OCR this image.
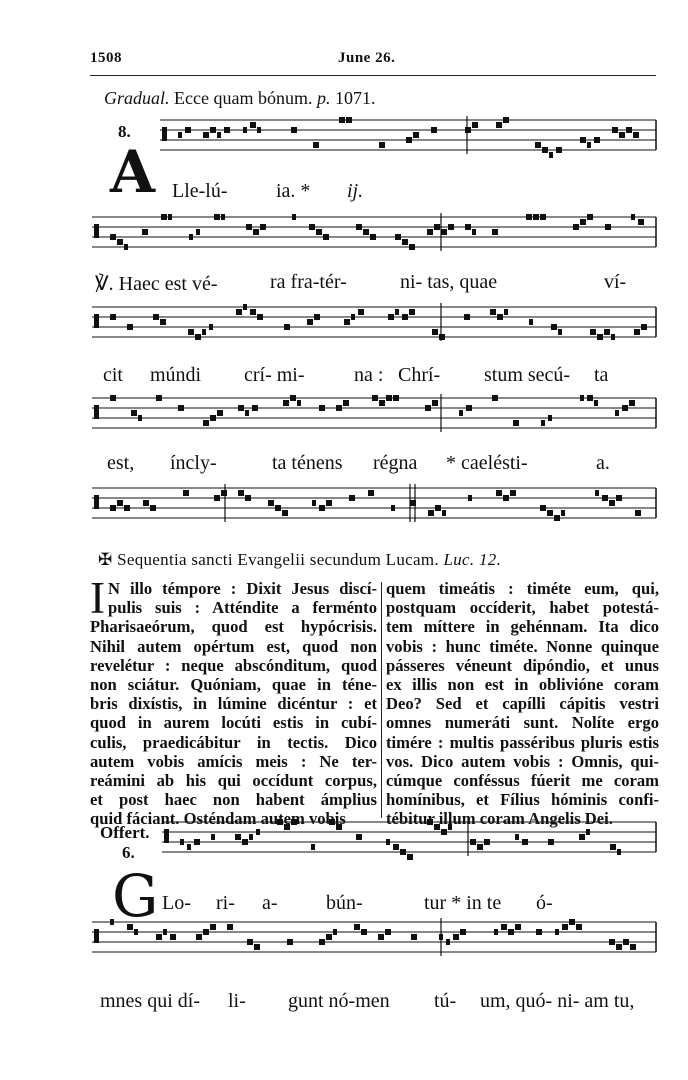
1508	June 26.
Gradual. Ecce quam bónum. p. 1071.
8.
A Lle-lú- ia. * ij.
℣. Haec est vé-	ra fra-tér-	ni- tas, quae	ví-
cit múndi crí- mi- na : Chrí- stum secú- ta
est, íncly-	ta ténens régna * caelésti-	a.
✠ Sequentia sancti Evangelii secundum Lucam. Luc. 12.
I N illo témpore : Dixit Jesus discí-
pulis suis : Atténdite a ferménto
Pharisaeórum, quod est hypócrisis.
Nihil autem opértum est, quod non
revelétur : neque abscónditum, quod
non sciátur. Quóniam, quae in téne-
bris dixístis, in lúmine dicéntur : et
quod in aurem locúti estis in cubí-
culis, praedicábitur in tectis. Dico
autem vobis amícis meis : Ne ter-
reámini ab his qui occídunt corpus,
et post haec non habent ámplius
quid fáciant. Osténdam autem vobis
quem timeátis : timéte eum, qui,
postquam occíderit, habet potestá-
tem míttere in gehénnam. Ita dico
vobis : hunc timéte. Nonne quinque
pásseres véneunt dipóndio, et unus
ex illis non est in oblivióne coram
Deo? Sed et capílli cápitis vestri
omnes numeráti sunt. Nolíte ergo
timére : multis passéribus pluris estis
vos. Dico autem vobis : Omnis, qui-
cúmque conféssus fúerit me coram
homínibus, et Fílius hóminis confi-
tébitur illum coram Angelis Dei.
Offert.
6.
G Lo- ri- a- bún-	tur * in te ó-
mnes qui dí- li- gunt nó-men tú- um, quó- ni- am tu,
